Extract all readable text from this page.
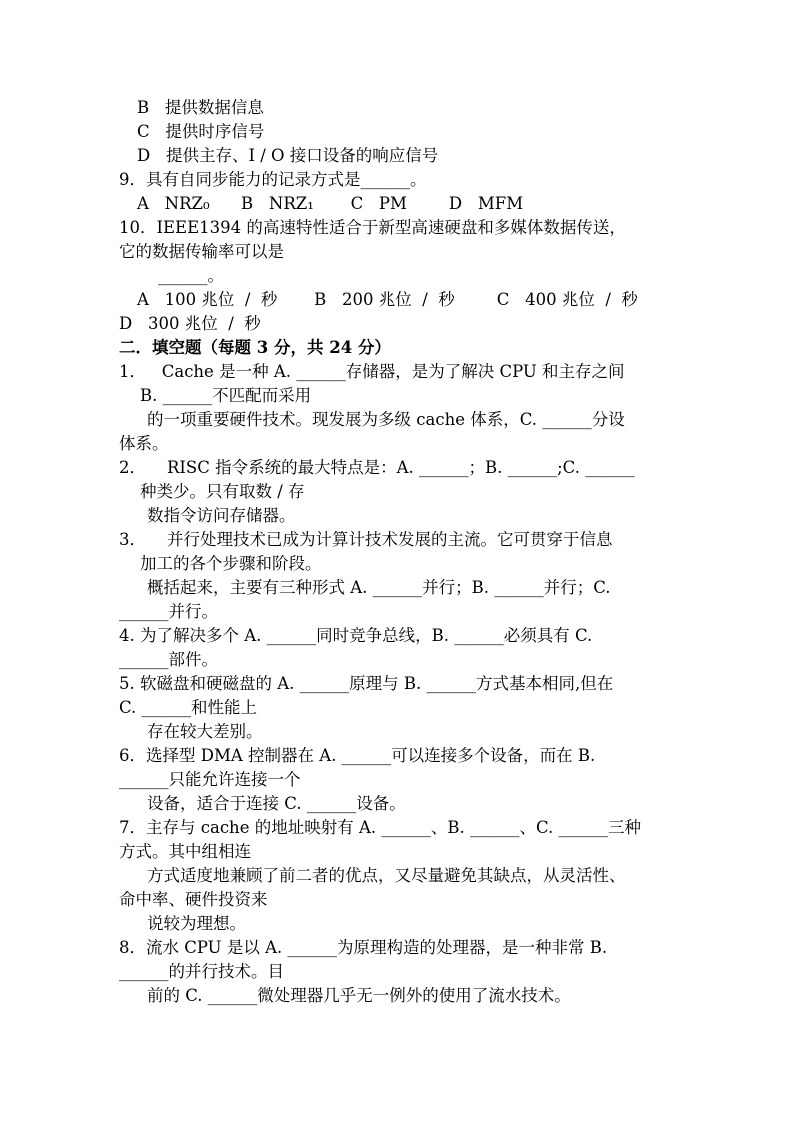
B   提供数据信息
C   提供时序信号
D   提供主存、I / O 接口设备的响应信号
9．具有自同步能力的记录方式是______。
A   NRZ₀      B   NRZ₁       C   PM        D   MFM
10．IEEE1394 的高速特性适合于新型高速硬盘和多媒体数据传送，
它的数据传输率可以是
______。
A   100 兆位  /  秒       B   200 兆位  /  秒        C   400 兆位  /  秒
D   300 兆位  /  秒
二．填空题（每题 3 分，共 24 分）
1．   Cache 是一种 A. ______存储器，是为了解决 CPU 和主存之间
B. ______不匹配而采用
的一项重要硬件技术。现发展为多级 cache 体系，C. ______分设
体系。
2．    RISC 指令系统的最大特点是：A. ______；B. ______;C. ______
种类少。只有取数 / 存
数指令访问存储器。
3．    并行处理技术已成为计算计技术发展的主流。它可贯穿于信息
加工的各个步骤和阶段。
概括起来，主要有三种形式 A. ______并行；B. ______并行；C.
______并行。
4. 为了解决多个 A. ______同时竞争总线，B. ______必须具有 C.
______部件。
5. 软磁盘和硬磁盘的 A. ______原理与 B. ______方式基本相同,但在
C. ______和性能上
存在较大差别。
6．选择型 DMA 控制器在 A. ______可以连接多个设备，而在 B.
______只能允许连接一个
设备，适合于连接 C. ______设备。
7．主存与 cache 的地址映射有 A. ______、B. ______、C. ______三种
方式。其中组相连
方式适度地兼顾了前二者的优点，又尽量避免其缺点，从灵活性、
命中率、硬件投资来
说较为理想。
8．流水 CPU 是以 A. ______为原理构造的处理器，是一种非常 B.
______的并行技术。目
前的 C. ______微处理器几乎无一例外的使用了流水技术。
